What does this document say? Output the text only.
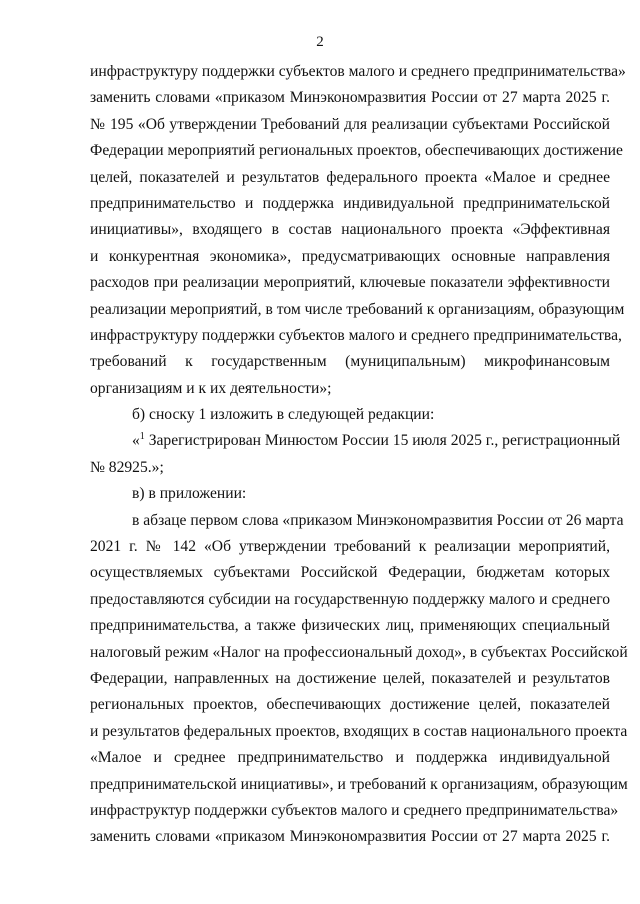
2
инфраструктуру поддержки субъектов малого и среднего предпринимательства»
заменить словами «приказом Минэкономразвития России от 27 марта 2025 г.
№ 195 «Об утверждении Требований для реализации субъектами Российской
Федерации мероприятий региональных проектов, обеспечивающих достижение
целей, показателей и результатов федерального проекта «Малое и среднее
предпринимательство и поддержка индивидуальной предпринимательской
инициативы», входящего в состав национального проекта «Эффективная
и конкурентная экономика», предусматривающих основные направления
расходов при реализации мероприятий, ключевые показатели эффективности
реализации мероприятий, в том числе требований к организациям, образующим
инфраструктуру поддержки субъектов малого и среднего предпринимательства,
требований к государственным (муниципальным) микрофинансовым
организациям и к их деятельности»;
б) сноску 1 изложить в следующей редакции:
«$^1$ Зарегистрирован Минюстом России 15 июля 2025 г., регистрационный
№ 82925.»;
в) в приложении:
в абзаце первом слова «приказом Минэкономразвития России от 26 марта
2021 г. № 142 «Об утверждении требований к реализации мероприятий,
осуществляемых субъектами Российской Федерации, бюджетам которых
предоставляются субсидии на государственную поддержку малого и среднего
предпринимательства, а также физических лиц, применяющих специальный
налоговый режим «Налог на профессиональный доход», в субъектах Российской
Федерации, направленных на достижение целей, показателей и результатов
региональных проектов, обеспечивающих достижение целей, показателей
и результатов федеральных проектов, входящих в состав национального проекта
«Малое и среднее предпринимательство и поддержка индивидуальной
предпринимательской инициативы», и требований к организациям, образующим
инфраструктур поддержки субъектов малого и среднего предпринимательства»
заменить словами «приказом Минэкономразвития России от 27 марта 2025 г.
